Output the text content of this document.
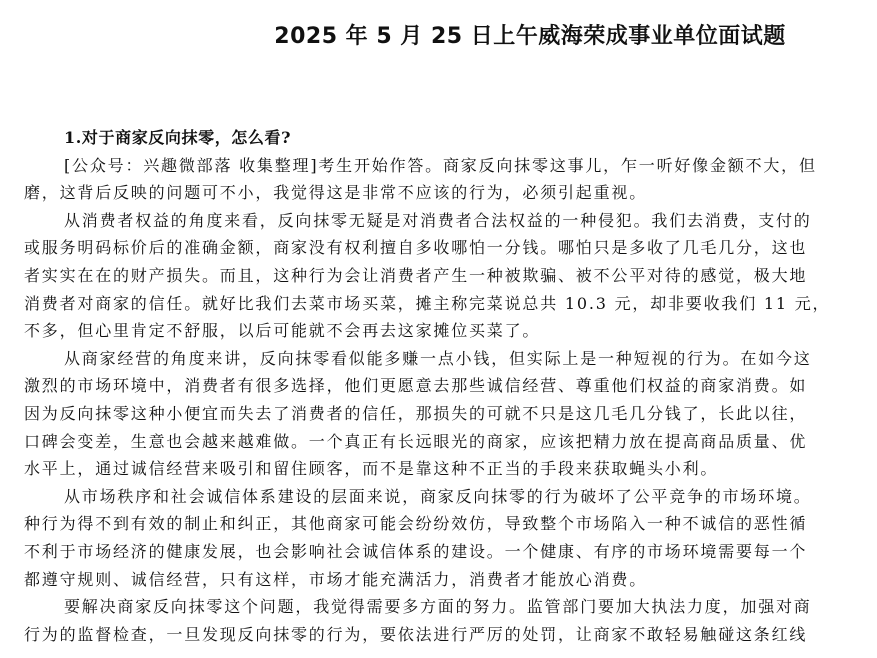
2025 年 5 月 25 日上午威海荣成事业单位面试题
1.对于商家反向抹零，怎么看?
[公众号：兴趣微部落 收集整理]考生开始作答。商家反向抹零这事儿，乍一听好像金额不大，但
磨，这背后反映的问题可不小，我觉得这是非常不应该的行为，必须引起重视。
从消费者权益的角度来看，反向抹零无疑是对消费者合法权益的一种侵犯。我们去消费，支付的
或服务明码标价后的准确金额，商家没有权利擅自多收哪怕一分钱。哪怕只是多收了几毛几分，这也
者实实在在的财产损失。而且，这种行为会让消费者产生一种被欺骗、被不公平对待的感觉，极大地
消费者对商家的信任。就好比我们去菜市场买菜，摊主称完菜说总共 10.3 元，却非要收我们 11 元，
不多，但心里肯定不舒服，以后可能就不会再去这家摊位买菜了。
从商家经营的角度来讲，反向抹零看似能多赚一点小钱，但实际上是一种短视的行为。在如今这
激烈的市场环境中，消费者有很多选择，他们更愿意去那些诚信经营、尊重他们权益的商家消费。如
因为反向抹零这种小便宜而失去了消费者的信任，那损失的可就不只是这几毛几分钱了，长此以往，
口碑会变差，生意也会越来越难做。一个真正有长远眼光的商家，应该把精力放在提高商品质量、优
水平上，通过诚信经营来吸引和留住顾客，而不是靠这种不正当的手段来获取蝇头小利。
从市场秩序和社会诚信体系建设的层面来说，商家反向抹零的行为破坏了公平竞争的市场环境。
种行为得不到有效的制止和纠正，其他商家可能会纷纷效仿，导致整个市场陷入一种不诚信的恶性循
不利于市场经济的健康发展，也会影响社会诚信体系的建设。一个健康、有序的市场环境需要每一个
都遵守规则、诚信经营，只有这样，市场才能充满活力，消费者才能放心消费。
要解决商家反向抹零这个问题，我觉得需要多方面的努力。监管部门要加大执法力度，加强对商
行为的监督检查，一旦发现反向抹零的行为，要依法进行严厉的处罚，让商家不敢轻易触碰这条红线
